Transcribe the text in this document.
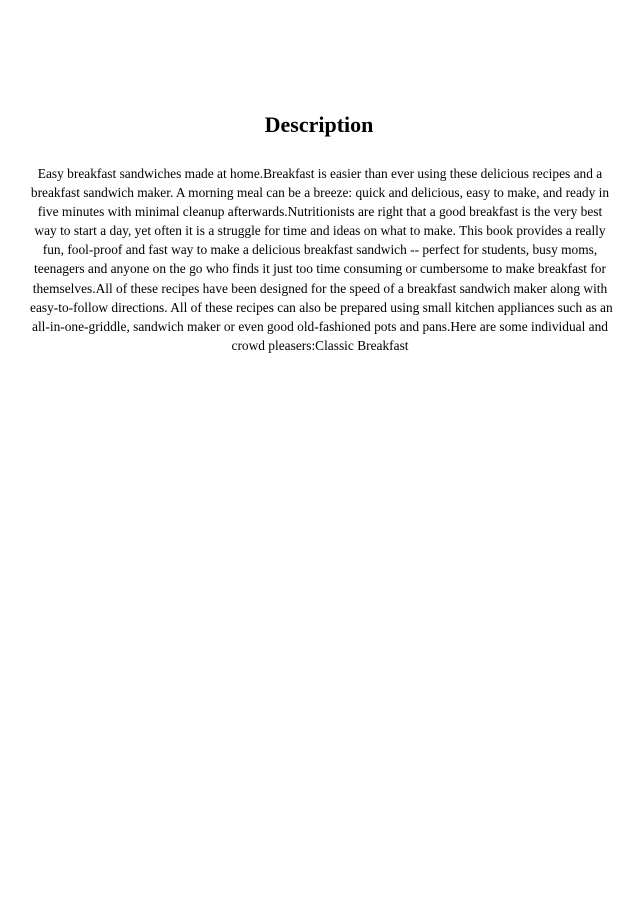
Description

Easy breakfast sandwiches made at home.Breakfast is easier than ever using these delicious recipes and a
breakfast sandwich maker. A morning meal can be a breeze: quick and delicious, easy to make, and ready in
five minutes with minimal cleanup afterwards.Nutritionists are right that a good breakfast is the very best
way to start a day, yet often it is a struggle for time and ideas on what to make. This book provides a really
fun, fool-proof and fast way to make a delicious breakfast sandwich -- perfect for students, busy moms,
teenagers and anyone on the go who finds it just too time consuming or cumbersome to make breakfast for
themselves.All of these recipes have been designed for the speed of a breakfast sandwich maker along with
easy-to-follow directions. All of these recipes can also be prepared using small kitchen appliances such as an
all-in-one-griddle, sandwich maker or even good old-fashioned pots and pans.Here are some individual and
crowd pleasers:Classic Breakfast
